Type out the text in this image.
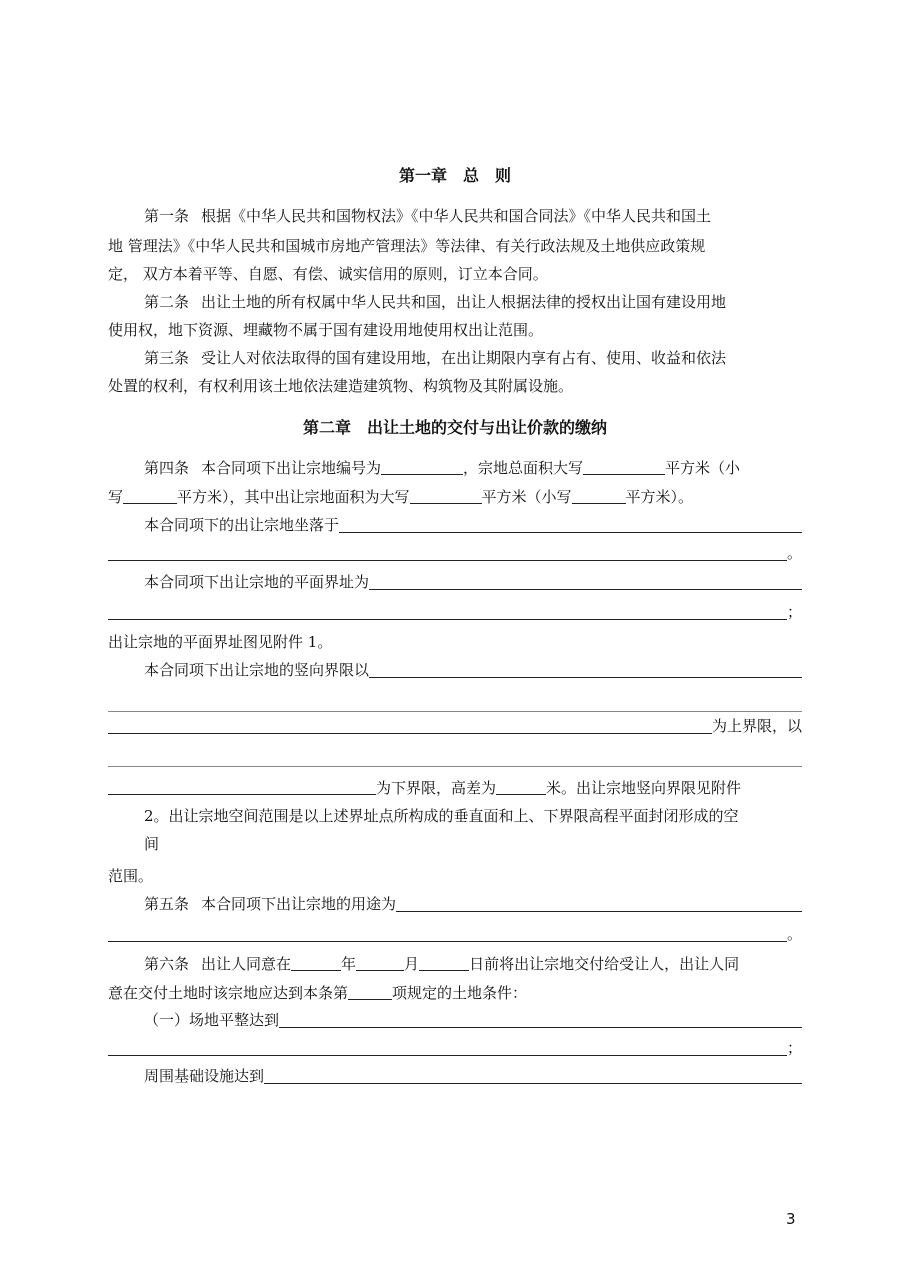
第一章　总　则
第一条 根据《中华人民共和国物权法》《中华人民共和国合同法》《中华人民共和国土
地 管理法》《中华人民共和国城市房地产管理法》等法律、有关行政法规及土地供应政策规
定， 双方本着平等、自愿、有偿、诚实信用的原则，订立本合同。
第二条 出让土地的所有权属中华人民共和国，出让人根据法律的授权出让国有建设用地
使用权，地下资源、埋藏物不属于国有建设用地使用权出让范围。
第三条 受让人对依法取得的国有建设用地，在出让期限内享有占有、使用、收益和依法
处置的权利，有权利用该土地依法建造建筑物、构筑物及其附属设施。
第二章　出让土地的交付与出让价款的缴纳
第四条 本合同项下出让宗地编号为	，宗地总面积大写	平方米（小
写	平方米），其中出让宗地面积为大写	平方米（小写	平方米）。
本合同项下的出让宗地坐落于
。
本合同项下出让宗地的平面界址为
；
出让宗地的平面界址图见附件 1。
本合同项下出让宗地的竖向界限以
为上界限，以
为下界限，高差为	米。出让宗地竖向界限见附件
2。出让宗地空间范围是以上述界址点所构成的垂直面和上、下界限高程平面封闭形成的空
间
范围。
第五条 本合同项下出让宗地的用途为
。
第六条 出让人同意在	年	月	日前将出让宗地交付给受让人，出让人同
意在交付土地时该宗地应达到本条第	项规定的土地条件：
（一）场地平整达到
；
周围基础设施达到
3
